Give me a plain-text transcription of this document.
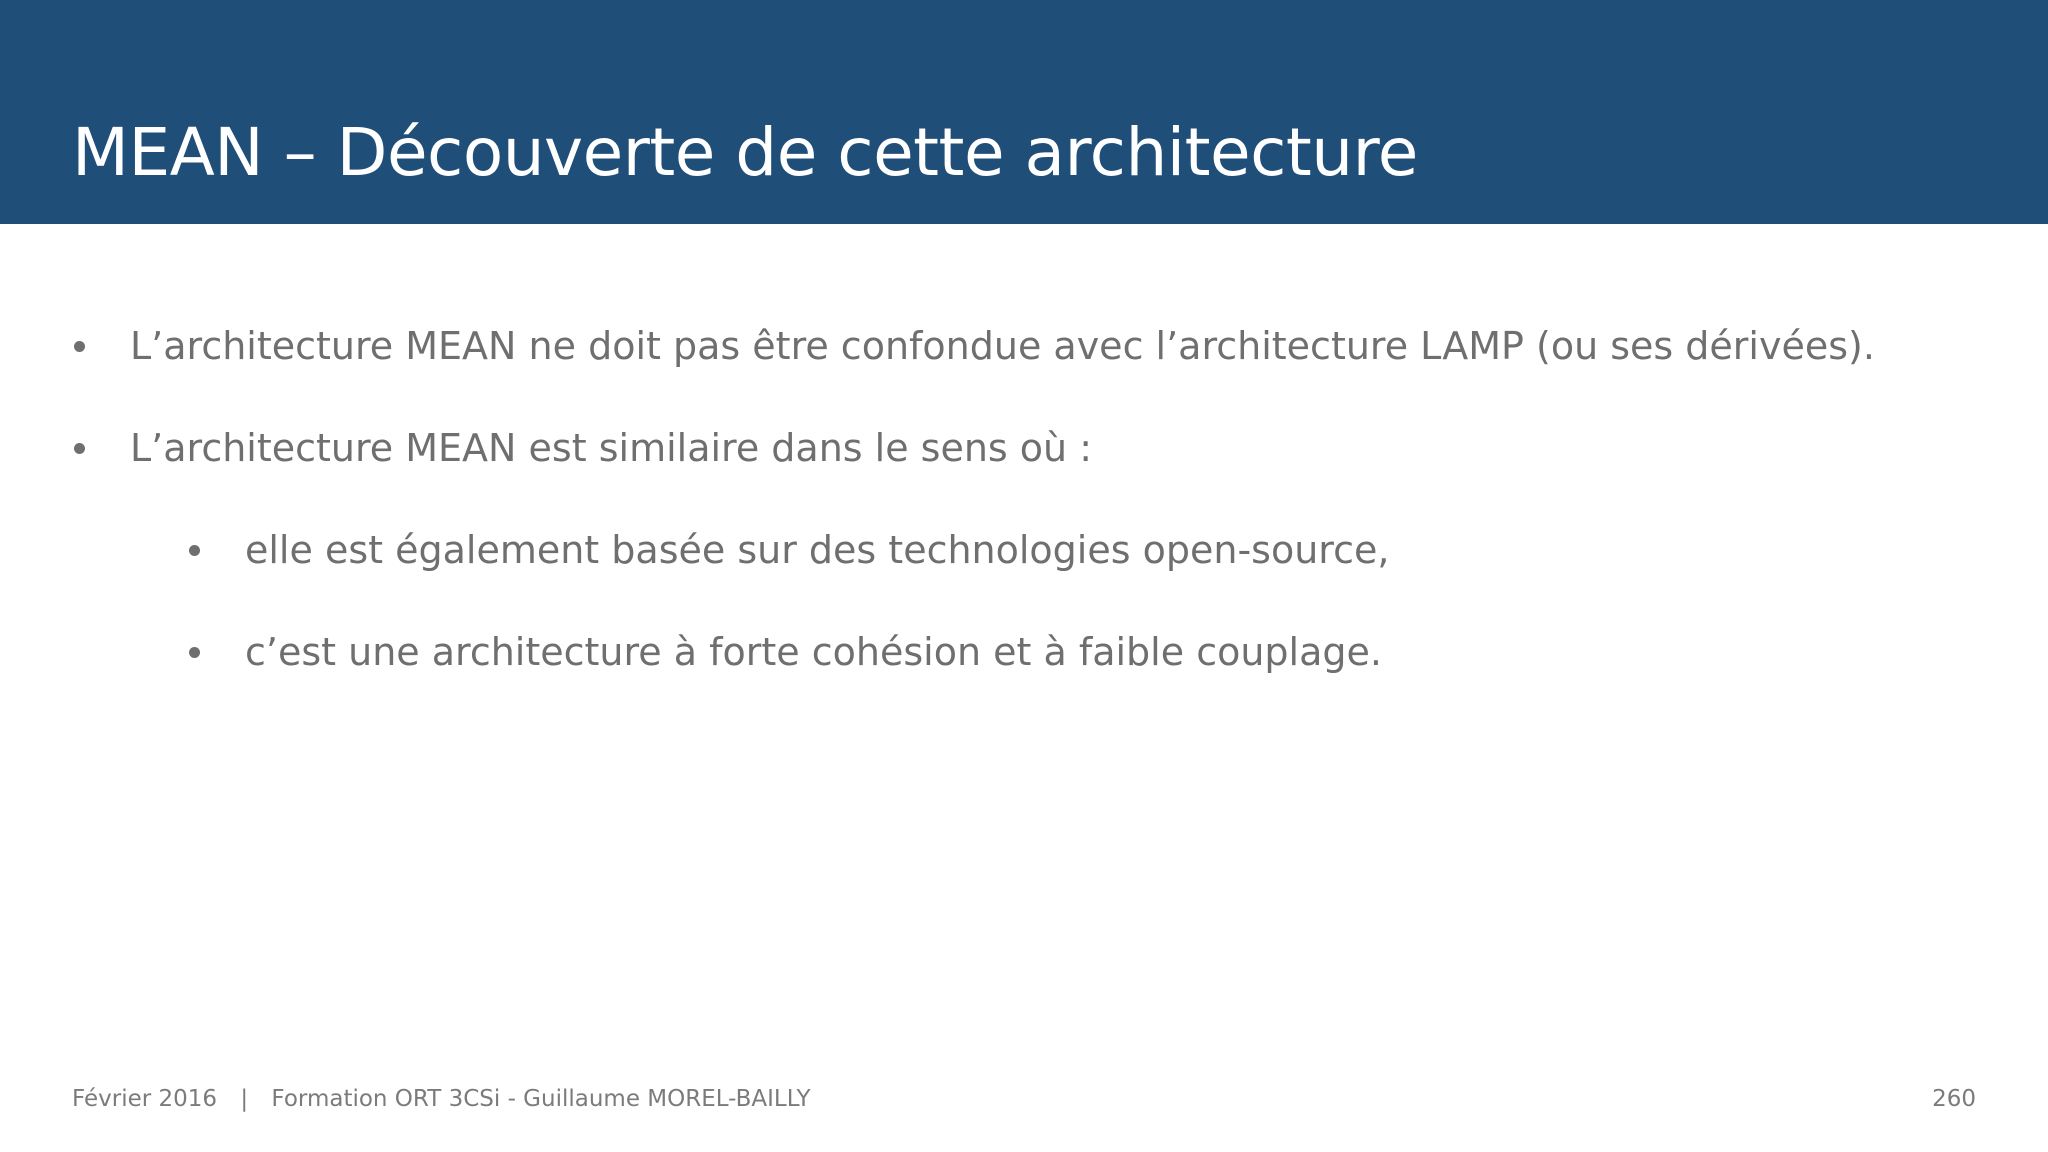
MEAN – Découverte de cette architecture
L’architecture MEAN ne doit pas être confondue avec l’architecture LAMP (ou ses dérivées).
L’architecture MEAN est similaire dans le sens où :
elle est également basée sur des technologies open-source,
c’est une architecture à forte cohésion et à faible couplage.
Février 2016 | Formation ORT 3CSi - Guillaume MOREL-BAILLY	260
